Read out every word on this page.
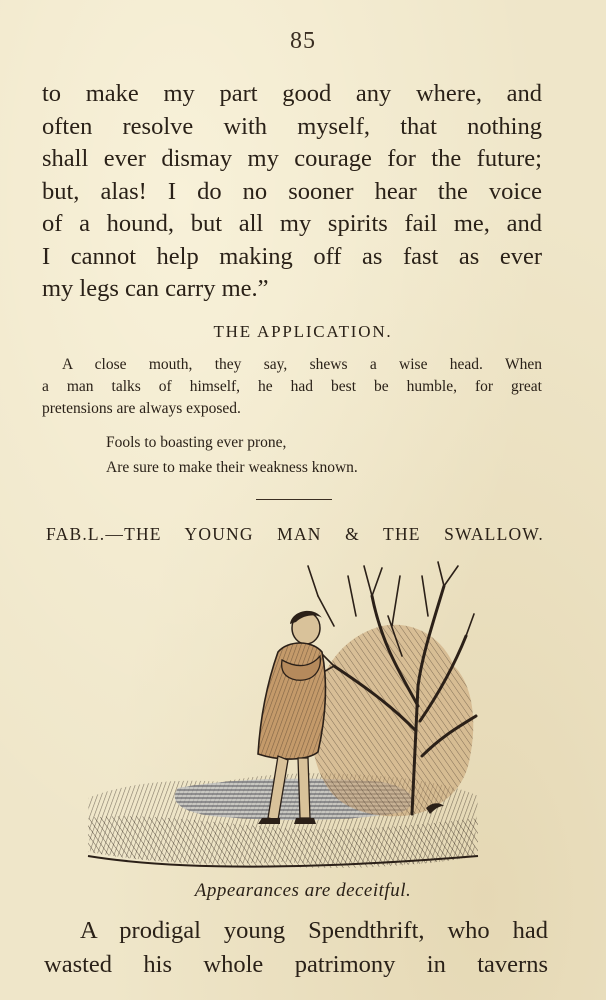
85
to make my part good any where, and
often resolve with myself, that nothing
shall ever dismay my courage for the future;
but, alas! I do no sooner hear the voice
of a hound, but all my spirits fail me, and
I cannot help making off as fast as ever
my legs can carry me.”
THE APPLICATION.
A close mouth, they say, shews a wise head. When
a man talks of himself, he had best be humble, for great
pretensions are always exposed.
Fools to boasting ever prone,
Are sure to make their weakness known.
FAB.L.—THE YOUNG MAN & THE SWALLOW.
Appearances are deceitful.
A prodigal young Spendthrift, who had
wasted his whole patrimony in taverns
